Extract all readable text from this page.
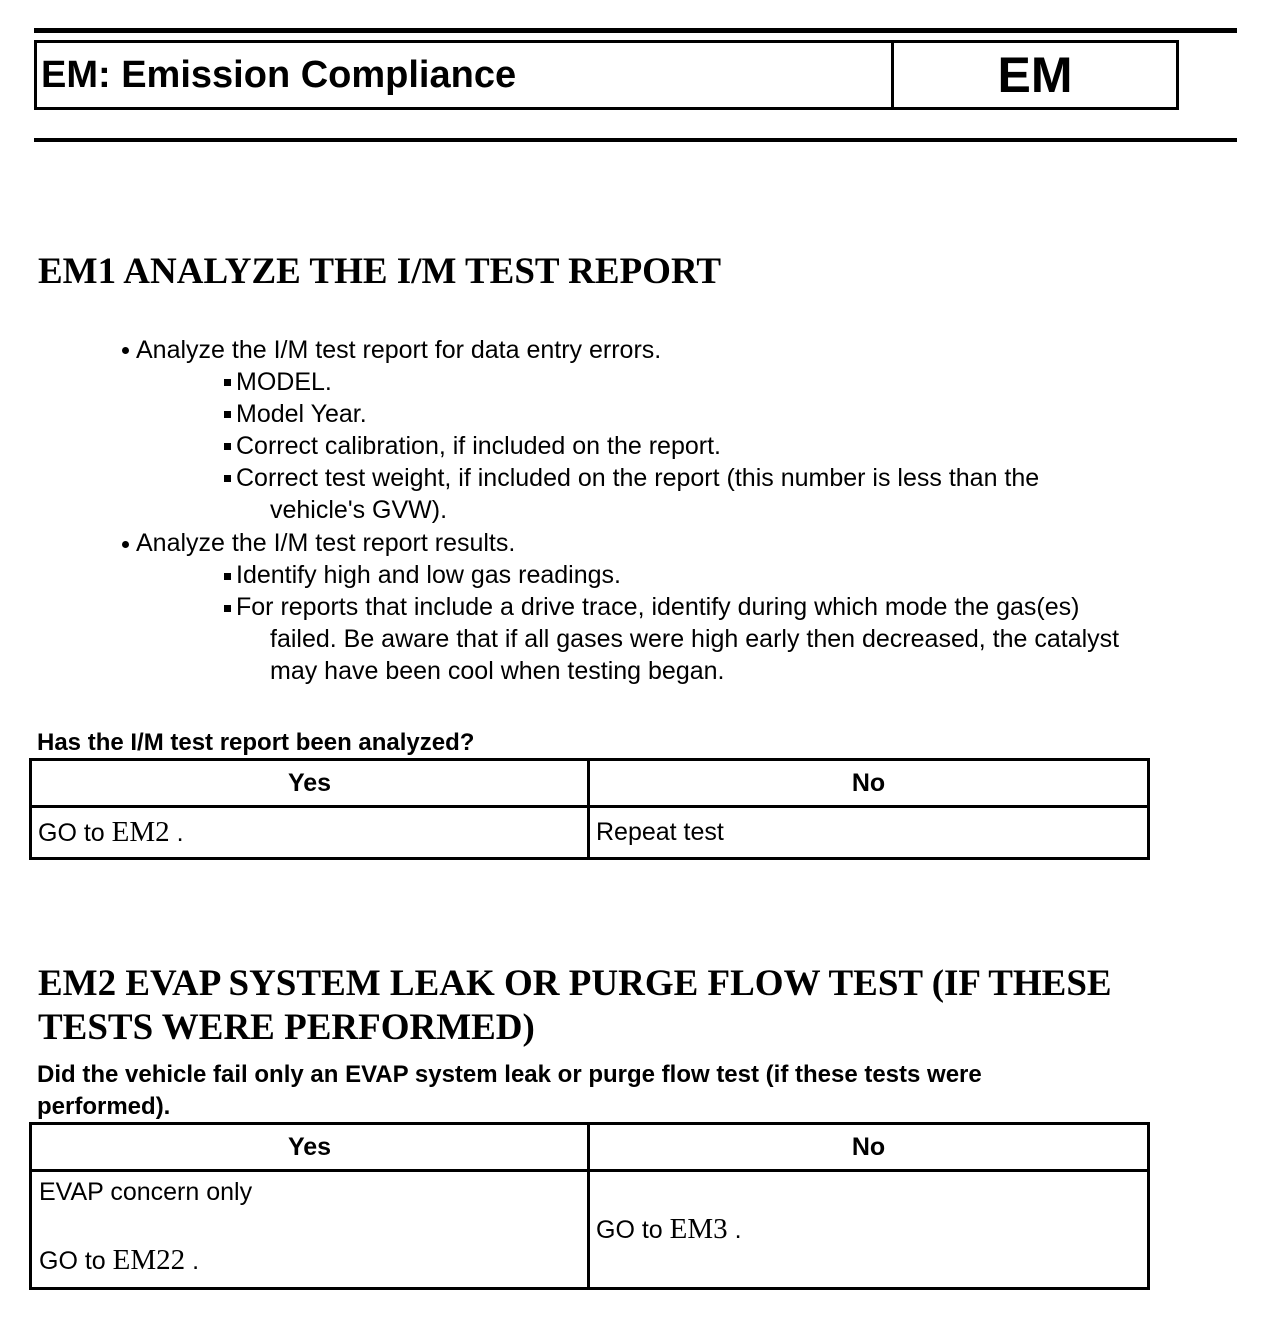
EM: Emission Compliance	EM
EM1 ANALYZE THE I/M TEST REPORT
Analyze the I/M test report for data entry errors.
MODEL.
Model Year.
Correct calibration, if included on the report.
Correct test weight, if included on the report (this number is less than the
vehicle's GVW).
Analyze the I/M test report results.
Identify high and low gas readings.
For reports that include a drive trace, identify during which mode the gas(es)
failed. Be aware that if all gases were high early then decreased, the catalyst
may have been cool when testing began.
Has the I/M test report been analyzed?
Yes	No
GO to EM2 .	Repeat test
EM2 EVAP SYSTEM LEAK OR PURGE FLOW TEST (IF THESE
TESTS WERE PERFORMED)
Did the vehicle fail only an EVAP system leak or purge flow test (if these tests were
performed).
Yes	No

EVAP concern only
GO to EM22 .	GO to EM3 .
